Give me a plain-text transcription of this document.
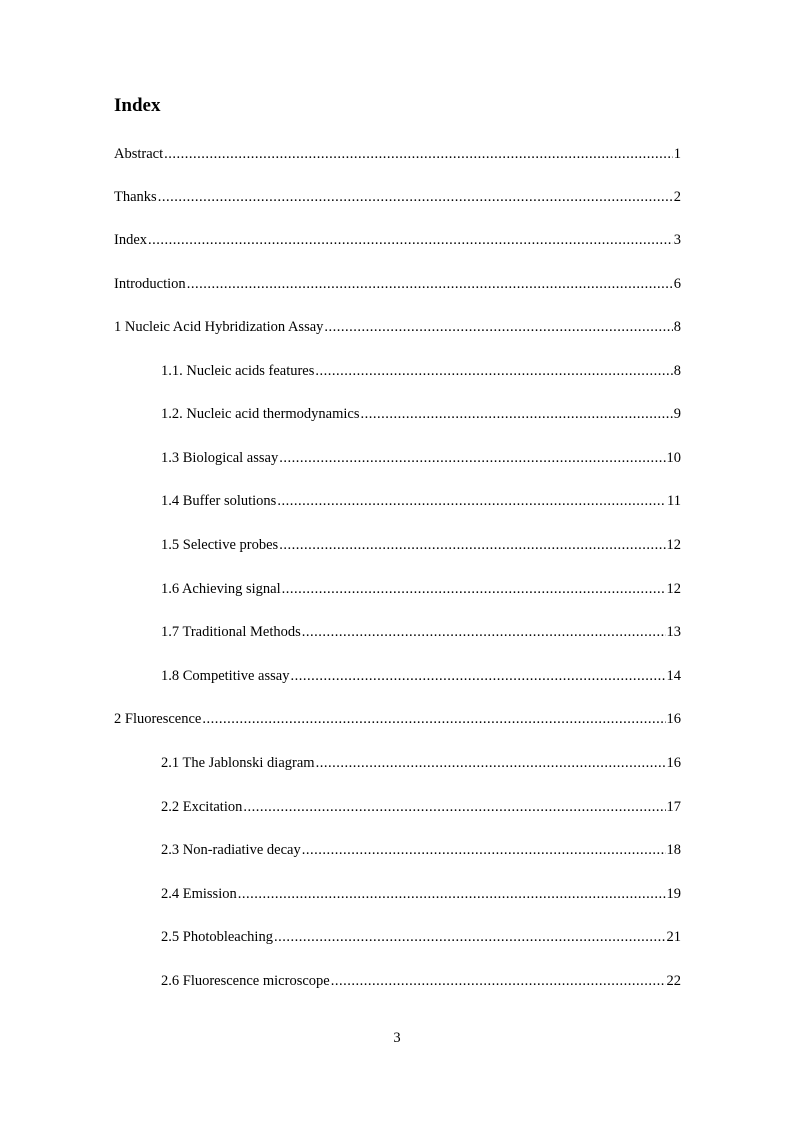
Index
Abstract .....	1
Thanks .....	2
Index .....	3
Introduction .....	6
1 Nucleic Acid Hybridization Assay .....	8
1.1. Nucleic acids features .....	8
1.2. Nucleic acid thermodynamics .....	9
1.3 Biological assay .....	10
1.4 Buffer solutions .....	11
1.5 Selective probes .....	12
1.6 Achieving signal .....	12
1.7 Traditional Methods .....	13
1.8 Competitive assay .....	14
2 Fluorescence .....	16
2.1 The Jablonski diagram .....	16
2.2 Excitation .....	17
2.3 Non-radiative decay .....	18
2.4 Emission .....	19
2.5 Photobleaching .....	21
2.6 Fluorescence microscope .....	22
3
